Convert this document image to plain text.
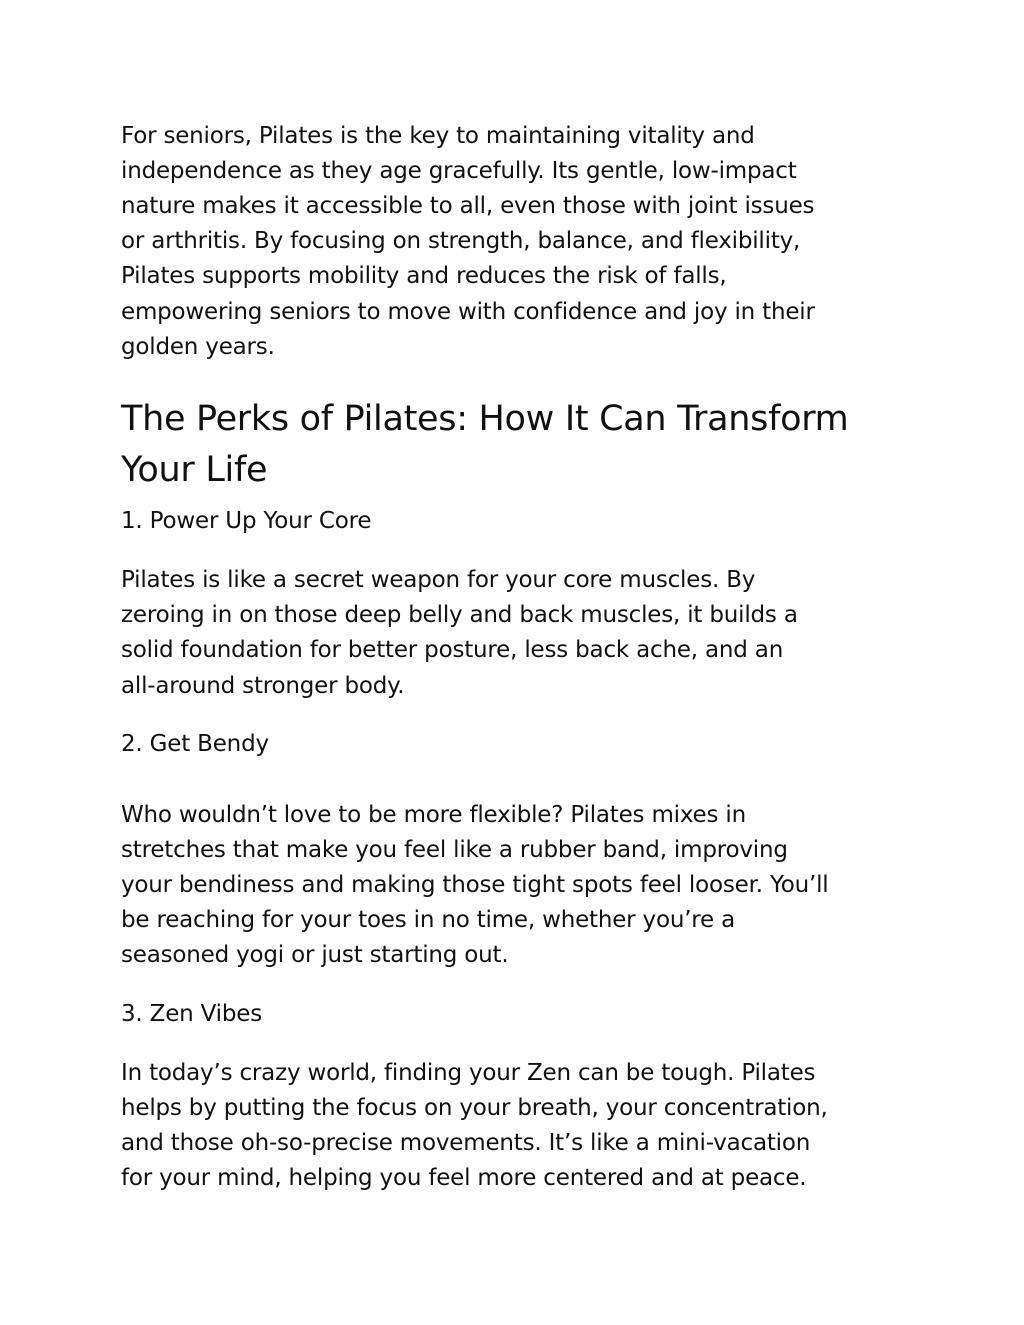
For seniors, Pilates is the key to maintaining vitality and
independence as they age gracefully. Its gentle, low-impact
nature makes it accessible to all, even those with joint issues
or arthritis. By focusing on strength, balance, and flexibility,
Pilates supports mobility and reduces the risk of falls,
empowering seniors to move with confidence and joy in their
golden years.
The Perks of Pilates: How It Can Transform
Your Life
1. Power Up Your Core
Pilates is like a secret weapon for your core muscles. By
zeroing in on those deep belly and back muscles, it builds a
solid foundation for better posture, less back ache, and an
all-around stronger body.
2. Get Bendy
Who wouldn’t love to be more flexible? Pilates mixes in
stretches that make you feel like a rubber band, improving
your bendiness and making those tight spots feel looser. You’ll
be reaching for your toes in no time, whether you’re a
seasoned yogi or just starting out.
3. Zen Vibes
In today’s crazy world, finding your Zen can be tough. Pilates
helps by putting the focus on your breath, your concentration,
and those oh-so-precise movements. It’s like a mini-vacation
for your mind, helping you feel more centered and at peace.
